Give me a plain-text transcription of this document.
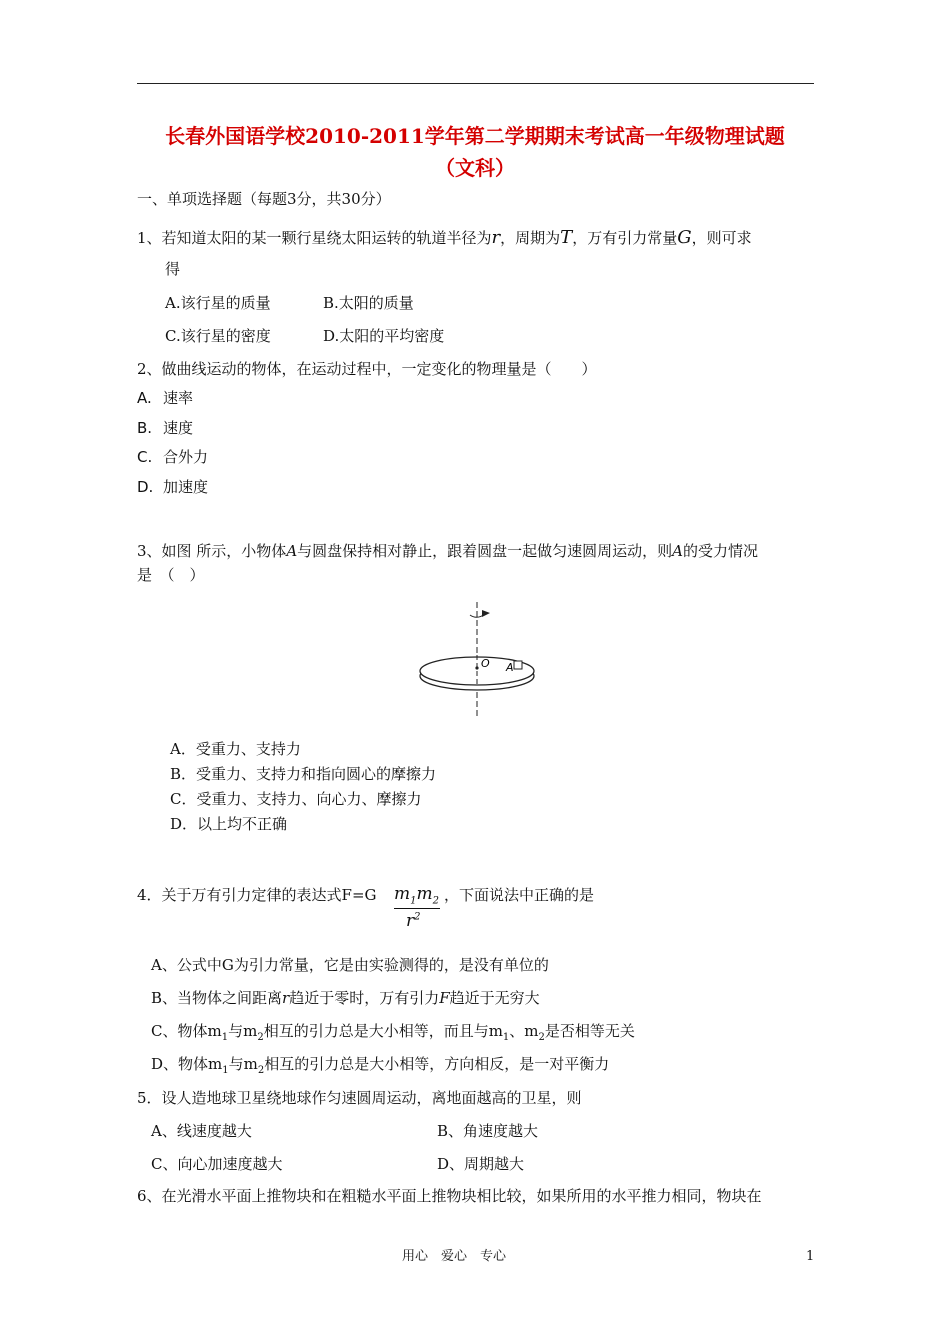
长春外国语学校2010-2011学年第二学期期末考试高一年级物理试题
（文科）
一、单项选择题（每题3分，共30分）
1、若知道太阳的某一颗行星绕太阳运转的轨道半径为r，周期为T，万有引力常量G，则可求
得
A.该行星的质量	B.太阳的质量
C.该行星的密度	D.太阳的平均密度
2、做曲线运动的物体，在运动过程中，一定变化的物理量是（　　）
A. 速率
B. 速度
C. 合外力
D. 加速度
3、如图 所示，小物体A与圆盘保持相对静止，跟着圆盘一起做匀速圆周运动，则A的受力情况
是　（　）
O A
A．受重力、支持力
B．受重力、支持力和指向圆心的摩擦力
C．受重力、支持力、向心力、摩擦力
D．以上均不正确
4．关于万有引力定律的表达式F=G $m_1m_2$
$r^2$
，下面说法中正确的是
A、公式中G为引力常量，它是由实验测得的，是没有单位的
B、当物体之间距离r趋近于零时，万有引力F趋近于无穷大
C、物体$m_1$与$m_2$相互的引力总是大小相等，而且与$m_1$、$m_2$是否相等无关
D、物体$m_1$与$m_2$相互的引力总是大小相等，方向相反，是一对平衡力
5．设人造地球卫星绕地球作匀速圆周运动，离地面越高的卫星，则
A、线速度越大	B、角速度越大
C、向心加速度越大	D、周期越大
6、在光滑水平面上推物块和在粗糙水平面上推物块相比较，如果所用的水平推力相同，物块在
用心　爱心　专心	1
